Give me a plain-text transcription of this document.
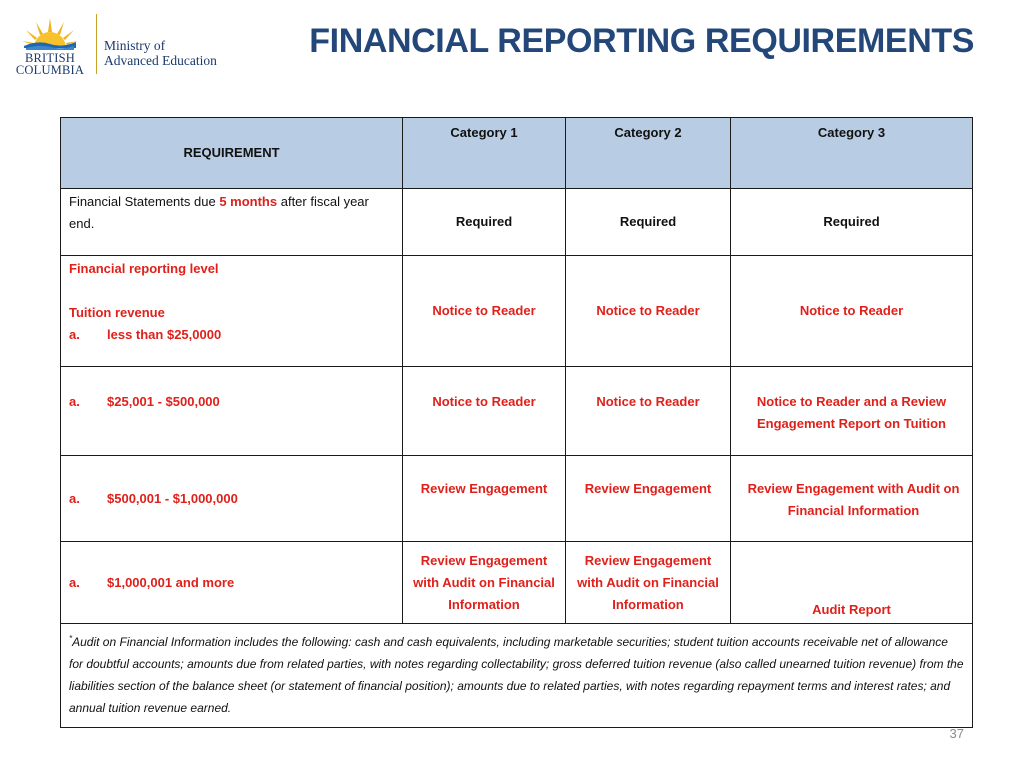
BRITISH
COLUMBIA
Ministry of
Advanced Education
FINANCIAL REPORTING REQUIREMENTS
REQUIREMENT	Category 1	Category 2	Category 3
Financial Statements due 5 months after fiscal year end.	Required	Required	Required

Financial reporting level
Tuition revenue
a. less than $25,0000	Notice to Reader	Notice to Reader	Notice to Reader

a. $25,001 - $500,000	Notice to Reader	Notice to Reader	Notice to Reader and a Review Engagement Report on Tuition

a. $500,001 - $1,000,000	Review Engagement	Review Engagement	Review Engagement with Audit on Financial Information

a. $1,000,001 and more	Review Engagement with Audit on Financial Information	Review Engagement with Audit on Financial Information	Audit Report
*Audit on Financial Information includes the following: cash and cash equivalents, including marketable securities; student tuition accounts receivable net of allowance for doubtful accounts; amounts due from related parties, with notes regarding collectability; gross deferred tuition revenue (also called unearned tuition revenue) from the liabilities section of the balance sheet (or statement of financial position); amounts due to related parties, with notes regarding repayment terms and interest rates; and annual tuition revenue earned.			
37
